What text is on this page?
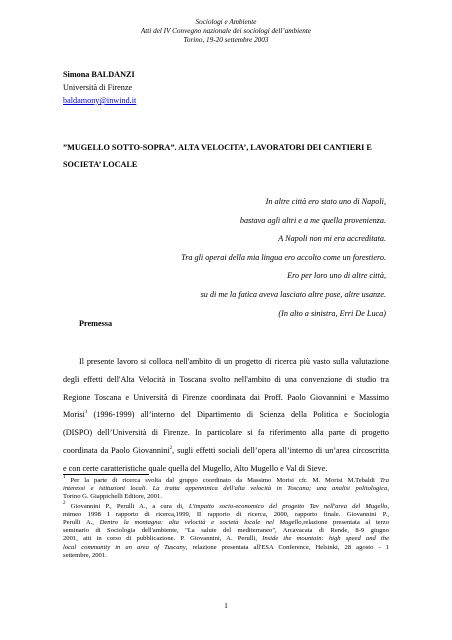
Sociologi e Ambiente
Atti del IV Convegno nazionale dei sociologi dell’ambiente
Torino, 19-20 settembre 2003
Simona BALDANZI
Università di Firenze
baldamony@inwind.it
”MUGELLO SOTTO-SOPRA”. ALTA VELOCITA’, LAVORATORI DEI CANTIERI E
SOCIETA’ LOCALE
In altre città ero stato uno di Napoli,
bastava agli altri e a me quella provenienza.
A Napoli non mi era accreditata.
Tra gli operai della mia lingua ero accolto come un forestiero.
Ero per loro uno di altre città,
su di me la fatica aveva lasciato altre pose, altre usanze.
(In alto a sinistra, Erri De Luca)
Premessa
Il presente lavoro si colloca nell'ambito di un progetto di ricerca più vasto sulla valutazione
degli effetti dell'Alta Velocità in Toscana svolto nell'ambito di una convenzione di studio tra
Regione Toscana e Università di Firenze coordinata dai Proff. Paolo Giovannini e Massimo
Morisi$^1$ (1996-1999) all’interno del Dipartimento di Scienza della Politica e Sociologia
(DISPO) dell’Università di Firenze. In particolare si fa riferimento alla parte di progetto
coordinata da Paolo Giovannini$^2$, sugli effetti sociali dell’opera all’interno di un’area circoscritta
e con certe caratteristiche quale quella del Mugello, Alto Mugello e Val di Sieve.
$^1$ Per la parte di ricerca svolta dal gruppo coordinato da Massimo Morisi cfr. M. Morisi M.Tebaldi Tra
interessi e istituzioni locali. La tratta appenninica dell'alta velocità in Toscana; una analisi politologica,
Torino G. Giappichelli Editore, 2001.
$^2$ Giovannini P., Perulli A., a cura di, L'impatto socio-economico del progetto Tav nell'area del Mugello,
mimeo 1998 I rapporto di ricerca,1999, II rapporto di ricerca, 2000, rapporto finale. Giovannini P.,
Perulli A., Dentro la montagna: alta velocità e società locale nel Mugello,relazione presentata al terzo
seminario di Sociologia dell'ambiente, "La salute del mediterraneo", Arcavacata di Rende, 8-9 giugno
2001, atti in corso di pubblicazione. P. Giovannini, A. Perulli, Inside the mountain: high speed and the
local community in an area of Tuscany, relazione presentata all'ESA Conference, Helsinki, 28 agosto - 1
settembre, 2001.
1
